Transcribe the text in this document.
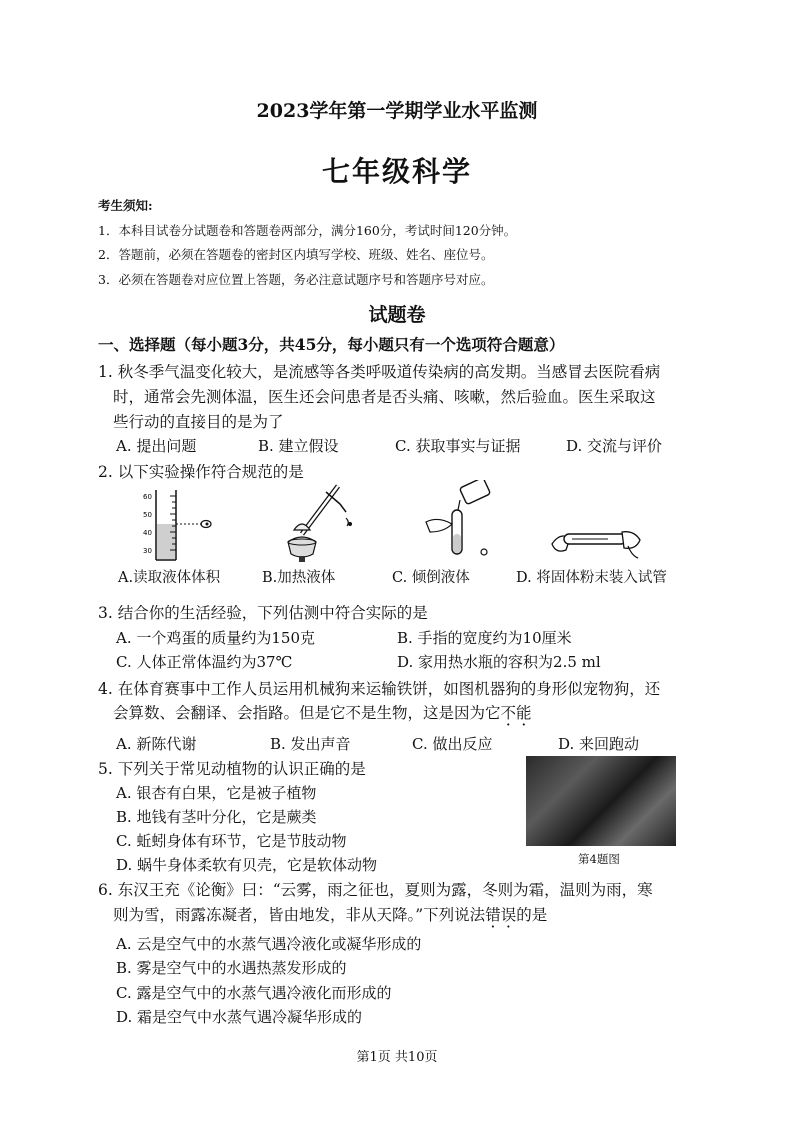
2023学年第一学期学业水平监测
七年级科学
考生须知:
1．本科目试卷分试题卷和答题卷两部分，满分160分，考试时间120分钟。
2．答题前，必须在答题卷的密封区内填写学校、班级、姓名、座位号。
3．必须在答题卷对应位置上答题，务必注意试题序号和答题序号对应。
试题卷
一、选择题（每小题3分，共45分，每小题只有一个选项符合题意）
1. 秋冬季气温变化较大，是流感等各类呼吸道传染病的高发期。当感冒去医院看病
时，通常会先测体温，医生还会问患者是否头痛、咳嗽，然后验血。医生采取这
些行动的直接目的是为了
A. 提出问题	B. 建立假设	C. 获取事实与证据	D. 交流与评价
2. 以下实验操作符合规范的是
60
50
40
30
A.读取液体体积	B.加热液体	C. 倾倒液体	D. 将固体粉末装入试管
3. 结合你的生活经验，下列估测中符合实际的是
A. 一个鸡蛋的质量约为150克	B. 手指的宽度约为10厘米
C. 人体正常体温约为37℃	D. 家用热水瓶的容积为2.5 ml
4. 在体育赛事中工作人员运用机械狗来运输铁饼，如图机器狗的身形似宠物狗，还
会算数、会翻译、会指路。但是它不是生物，这是因为它不能
A. 新陈代谢	B. 发出声音	C. 做出反应	D. 来回跑动
第4题图
5. 下列关于常见动植物的认识正确的是
A. 银杏有白果，它是被子植物
B. 地钱有茎叶分化，它是蕨类
C. 蚯蚓身体有环节，它是节肢动物
D. 蜗牛身体柔软有贝壳，它是软体动物
6. 东汉王充《论衡》曰：“云雾，雨之征也，夏则为露，冬则为霜，温则为雨，寒
则为雪，雨露冻凝者，皆由地发，非从天降。”下列说法错误的是
A. 云是空气中的水蒸气遇冷液化或凝华形成的
B. 雾是空气中的水遇热蒸发形成的
C. 露是空气中的水蒸气遇冷液化而形成的
D. 霜是空气中水蒸气遇冷凝华形成的
第1页 共10页
